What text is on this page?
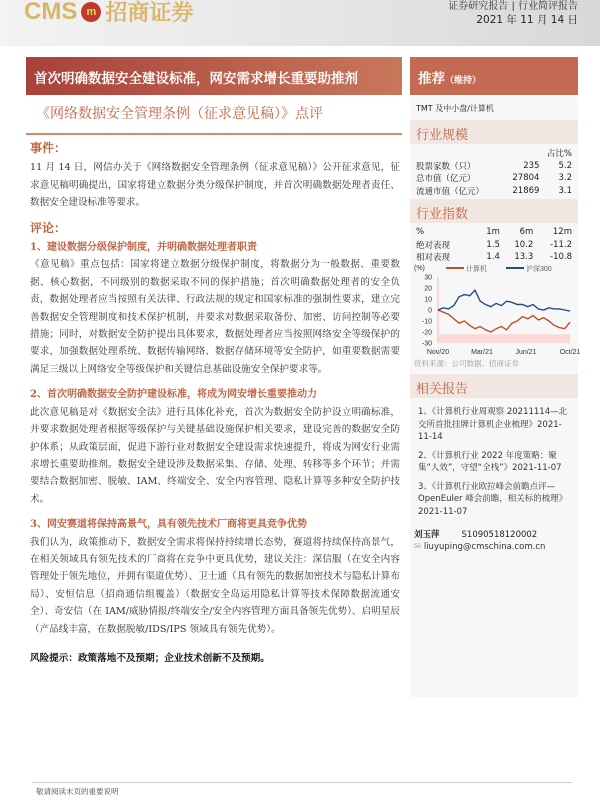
CMS m 招商证券	证券研究报告 | 行业简评报告
2021 年 11 月 14 日
首次明确数据安全建设标准，网安需求增长重要助推剂	推荐（维持）
《网络数据安全管理条例（征求意见稿）》点评	TMT 及中小盘/计算机
事件：

11 月 14 日，网信办关于《网络数据安全管理条例（征求意见稿）》公开征求意见，征求意见稿明确提出，国家将建立数据分类分级保护制度，并首次明确数据处理者责任、数据安全建设标准等要求。

评论：
1、建设数据分级保护制度，并明确数据处理者职责

《意见稿》重点包括：国家将建立数据分级保护制度，将数据分为一般数据、重要数据、核心数据，不同级别的数据采取不同的保护措施；首次明确数据处理者的安全负责，数据处理者应当按照有关法律、行政法规的规定和国家标准的强制性要求，建立完善数据安全管理制度和技术保护机制，并要求对数据采取备份、加密、访问控制等必要措施；同时，对数据安全防护提出具体要求，数据处理者应当按照网络安全等级保护的要求，加强数据处理系统、数据传输网络、数据存储环境等安全防护，如重要数据需要满足三级以上网络安全等级保护和关键信息基础设施安全保护要求等。

2、首次明确数据安全防护建设标准，将成为网安增长重要推动力

此次意见稿是对《数据安全法》进行具体化补充，首次为数据安全防护设立明确标准，并要求数据处理者根据等级保护与关键基础设施保护相关要求，建设完善的数据安全防护体系；从政策层面，促进下游行业对数据安全建设需求快速提升，将成为网安行业需求增长重要助推剂。数据安全建设涉及数据采集、存储、处理、转移等多个环节；并需要结合数据加密、脱敏、IAM、终端安全、安全内容管理、隐私计算等多种安全防护技术。

3、网安赛道将保持高景气，具有领先技术厂商将更具竞争优势

我们认为，政策推动下，数据安全需求将保持持续增长态势，赛道将持续保持高景气，在相关领域具有领先技术的厂商将在竞争中更具优势，建议关注：深信服（在安全内容管理处于领先地位，并拥有渠道优势）、卫士通（具有领先的数据加密技术与隐私计算布局）、安恒信息（招商通信组覆盖）（数据安全岛运用隐私计算等技术保障数据流通安全）、奇安信（在 IAM/威胁情报/终端安全/安全内容管理方面具备领先优势）、启明星辰（产品线丰富，在数据脱敏/IDS/IPS 领域具有领先优势）。

风险提示：政策落地不及预期；企业技术创新不及预期。
行业规模
		占比%
股票家数（只）	235	5.2
总市值（亿元）	27804	3.2
流通市值（亿元）	21869	3.1
行业指数
%	1m	6m	12m
绝对表现	1.5	10.2	-11.2
相对表现	1.4	13.3	-10.8
(%)	计算机	沪深300
30
20
10
0
-10
-20
-30
Nov/20	Mar/21	Jun/21	Oct/21
资料来源：公司数据、招商证券
相关报告
1、《计算机行业周观察 20211114—北交所首批挂牌计算机企业梳理》2021-11-14
2、《计算机行业 2022 年度策略：聚集“人效”，守望“全栈”》2021-11-07
3、《计算机行业欧拉峰会前瞻点评—OpenEuler 峰会前瞻，相关标的梳理》2021-11-07
刘玉萍	S1090518120002
✉ liuyuping@cmschina.com.cn
敬请阅读末页的重要说明
